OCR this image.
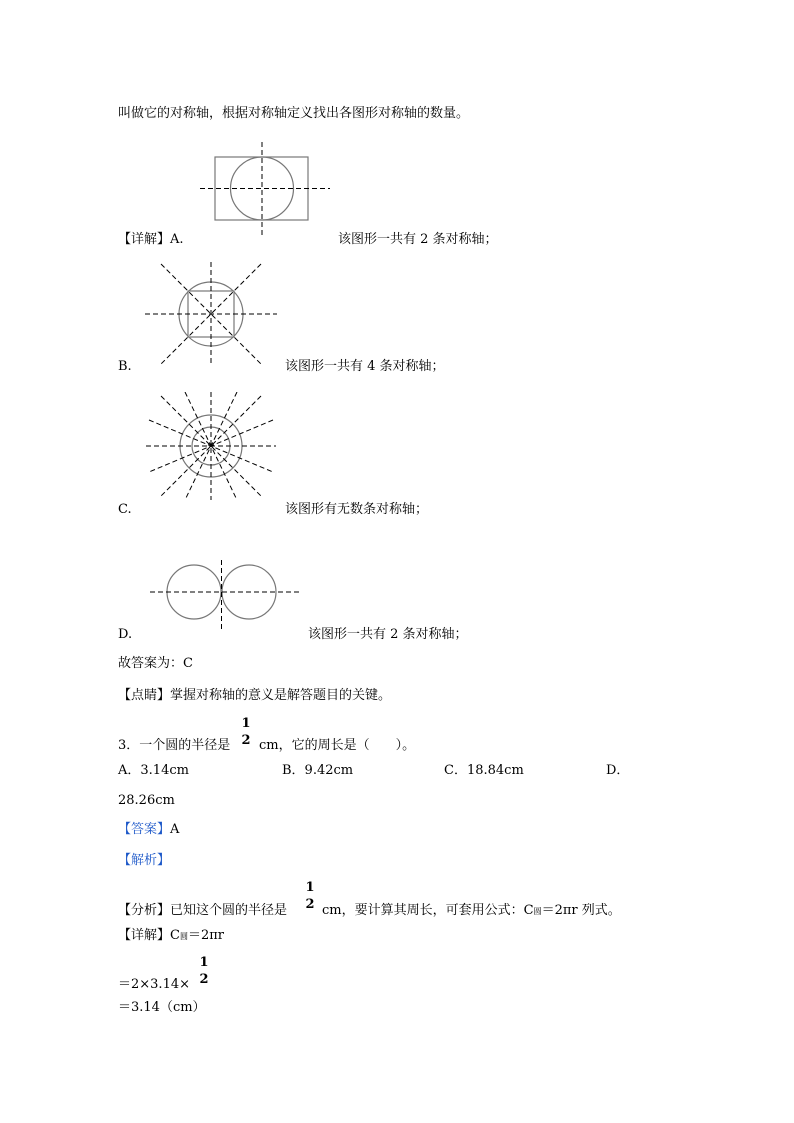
叫做它的对称轴，根据对称轴定义找出各图形对称轴的数量。
【详解】A.	该图形一共有 2 条对称轴；
B.	该图形一共有 4 条对称轴；
C.	该图形有无数条对称轴；
D.	该图形一共有 2 条对称轴；
故答案为：C
【点睛】掌握对称轴的意义是解答题目的关键。
3．一个圆的半径是
1
2 cm，它的周长是（　　）。
A．3.14cm	B．9.42cm	C．18.84cm	D．
28.26cm
【答案】A
【解析】
【分析】已知这个圆的半径是
1
2 cm，要计算其周长，可套用公式：C圆＝2πr 列式。
【详解】C圆＝2πr
＝2×3.14×
1
2
＝3.14（cm）
